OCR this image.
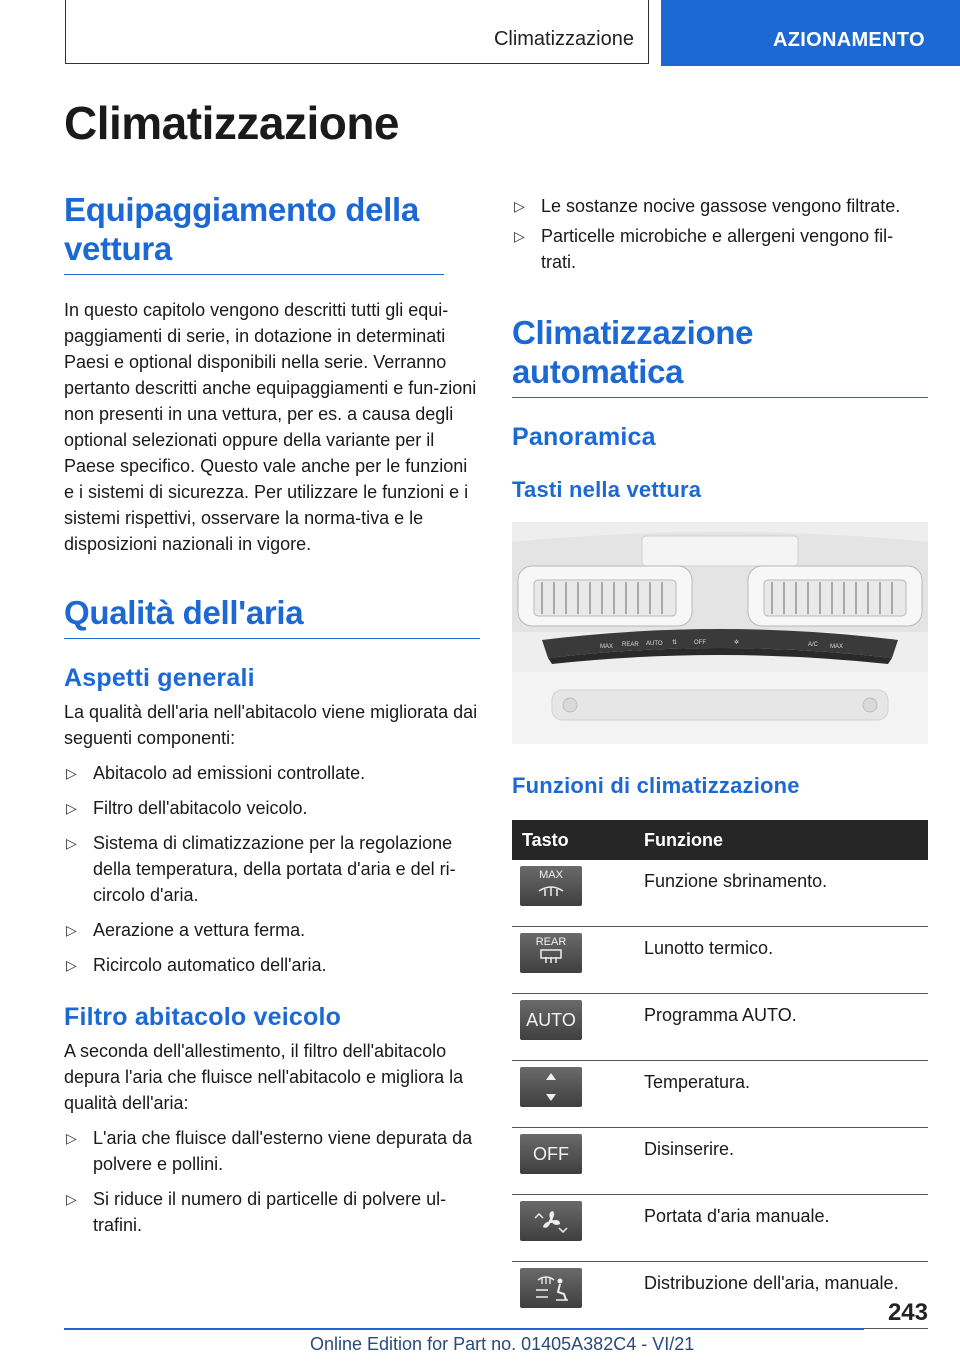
Climatizzazione	AZIONAMENTO
Climatizzazione
Equipaggiamento della vettura

In questo capitolo vengono descritti tutti gli equi-paggiamenti di serie, in dotazione in determinati Paesi e optional disponibili nella serie. Verranno pertanto descritti anche equipaggiamenti e fun-zioni non presenti in una vettura, per es. a causa degli optional selezionati oppure della variante per il Paese specifico. Questo vale anche per le funzioni e i sistemi di sicurezza. Per utilizzare le funzioni e i sistemi rispettivi, osservare la norma-tiva e le disposizioni nazionali in vigore.

Qualità dell'aria
Aspetti generali

La qualità dell'aria nell'abitacolo viene migliorata dai seguenti componenti:

▷ Abitacolo ad emissioni controllate.
▷ Filtro dell'abitacolo veicolo.
▷ Sistema di climatizzazione per la regolazione della temperatura, della portata d'aria e del ri-circolo d'aria.
▷ Aerazione a vettura ferma.
▷ Ricircolo automatico dell'aria.
Filtro abitacolo veicolo

A seconda dell'allestimento, il filtro dell'abitacolo depura l'aria che fluisce nell'abitacolo e migliora la qualità dell'aria:

▷ L'aria che fluisce dall'esterno viene depurata da polvere e pollini.
▷ Si riduce il numero di particelle di polvere ul-trafini.
▷ Le sostanze nocive gassose vengono filtrate.
▷ Particelle microbiche e allergeni vengono fil-trati.
Climatizzazione automatica
Panoramica
Tasti nella vettura
MAX REAR AUTO ⇅	OFF	✲	A/C MAX
Funzioni di climatizzazione
Tasto	Funzione

MAX	Funzione sbrinamento.

REAR	Lunotto termico.

AUTO	Programma AUTO.

	Temperatura.

OFF	Disinserire.

	Portata d'aria manuale.

	Distribuzione dell'aria, manuale.
243
Online Edition for Part no. 01405A382C4 - VI/21
